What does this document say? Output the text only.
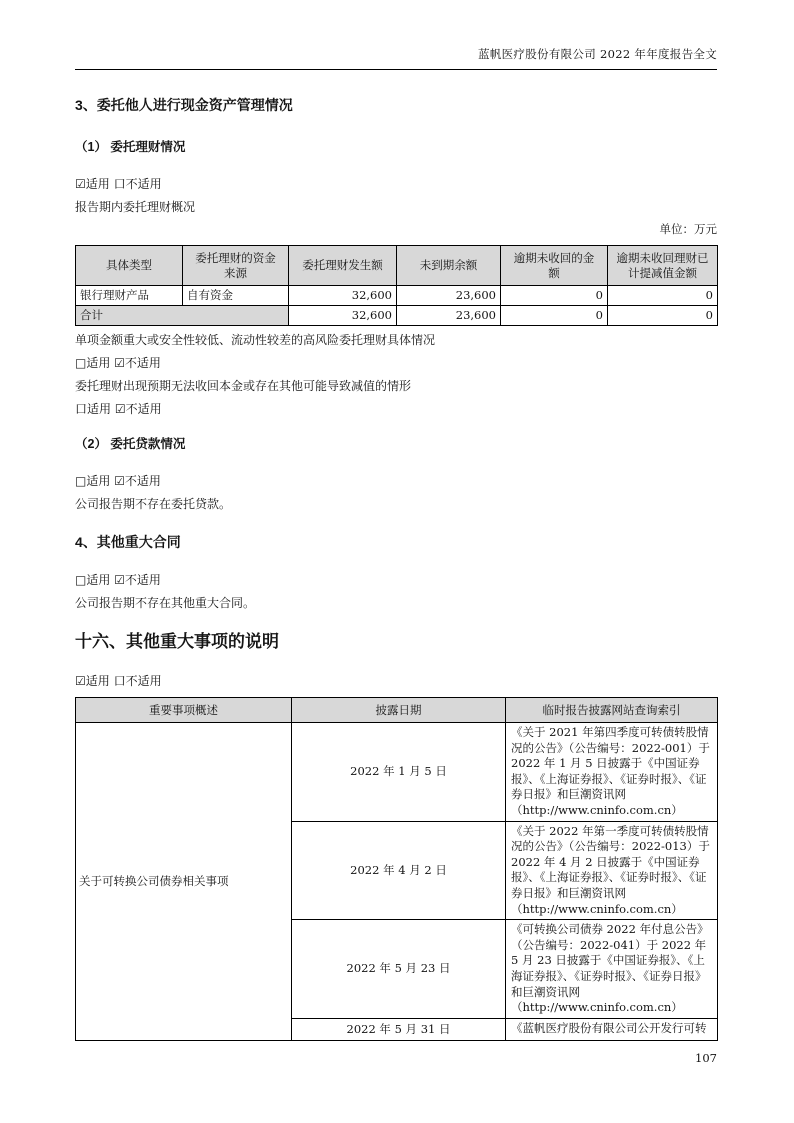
蓝帆医疗股份有限公司 2022 年年度报告全文
3、委托他人进行现金资产管理情况
（1） 委托理财情况
☑适用 口不适用
报告期内委托理财概况
单位：万元
具体类型	委托理财的资金来源	委托理财发生额	未到期余额	逾期未收回的金额	逾期未收回理财已计提减值金额
银行理财产品	自有资金	32,600	23,600	0	0
合计		32,600	23,600	0	0
单项金额重大或安全性较低、流动性较差的高风险委托理财具体情况
□适用 ☑不适用
委托理财出现预期无法收回本金或存在其他可能导致减值的情形
口适用 ☑不适用
（2） 委托贷款情况
□适用 ☑不适用
公司报告期不存在委托贷款。
4、其他重大合同
□适用 ☑不适用
公司报告期不存在其他重大合同。
十六、其他重大事项的说明
☑适用 口不适用
重要事项概述	披露日期	临时报告披露网站查询索引
关于可转换公司债券相关事项	2022 年 1 月 5 日	《关于 2021 年第四季度可转债转股情况的公告》（公告编号：2022-001）于 2022 年 1 月 5 日披露于《中国证券报》、《上海证券报》、《证券时报》、《证券日报》和巨潮资讯网（http://www.cninfo.com.cn）
	2022 年 4 月 2 日	《关于 2022 年第一季度可转债转股情况的公告》（公告编号：2022-013）于 2022 年 4 月 2 日披露于《中国证券报》、《上海证券报》、《证券时报》、《证券日报》和巨潮资讯网（http://www.cninfo.com.cn）
	2022 年 5 月 23 日	《可转换公司债券 2022 年付息公告》（公告编号：2022-041）于 2022 年 5 月 23 日披露于《中国证券报》、《上海证券报》、《证券时报》、《证券日报》和巨潮资讯网（http://www.cninfo.com.cn）
	2022 年 5 月 31 日	《蓝帆医疗股份有限公司公开发行可转
107
